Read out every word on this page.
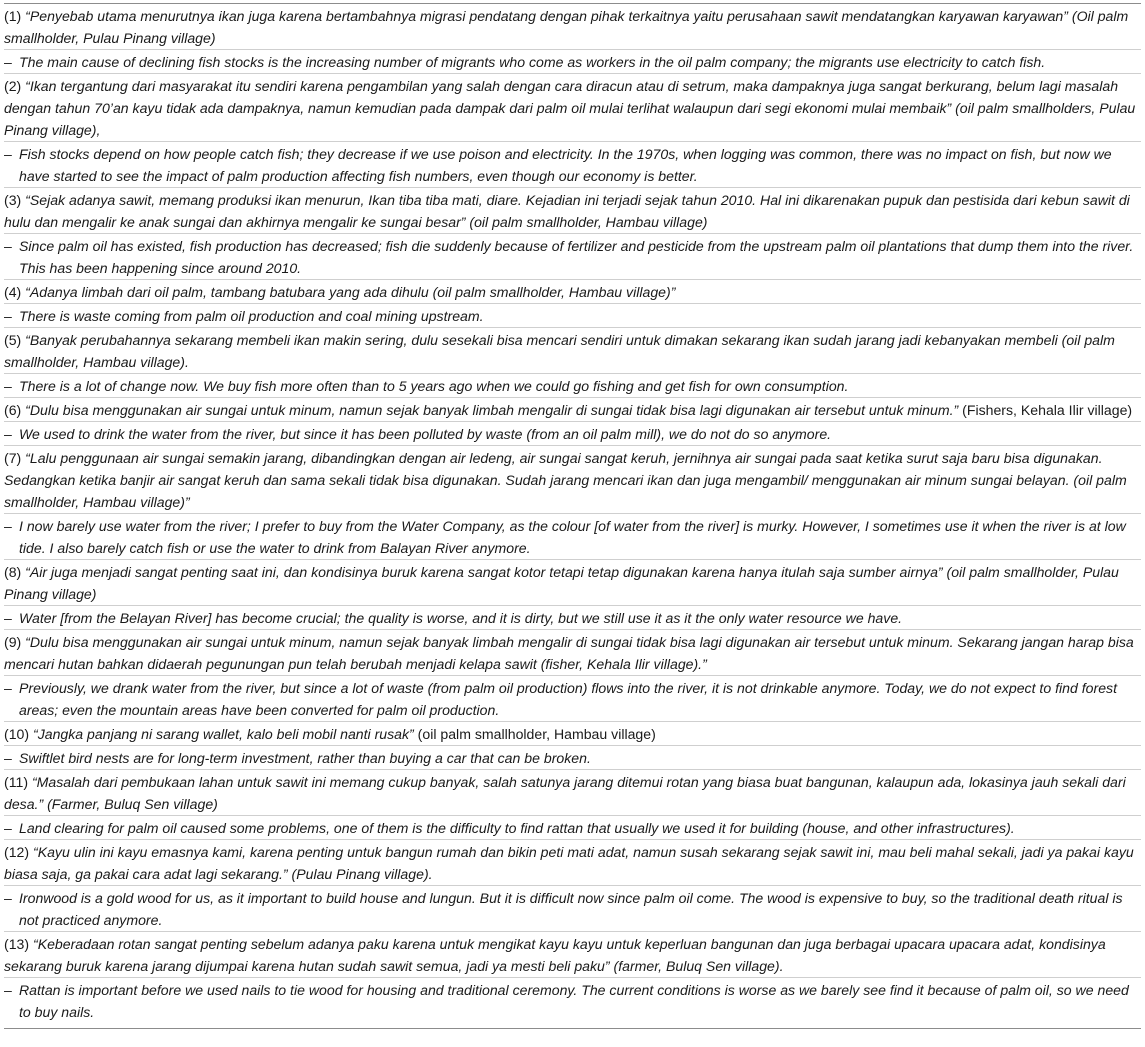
(1) “Penyebab utama menurutnya ikan juga karena bertambahnya migrasi pendatang dengan pihak terkaitnya yaitu perusahaan sawit mendatangkan karyawan karyawan” (Oil palm smallholder, Pulau Pinang village)
– The main cause of declining fish stocks is the increasing number of migrants who come as workers in the oil palm company; the migrants use electricity to catch fish.
(2) “Ikan tergantung dari masyarakat itu sendiri karena pengambilan yang salah dengan cara diracun atau di setrum, maka dampaknya juga sangat berkurang, belum lagi masalah dengan tahun 70’an kayu tidak ada dampaknya, namun kemudian pada dampak dari palm oil mulai terlihat walaupun dari segi ekonomi mulai membaik” (oil palm smallholders, Pulau Pinang village),
– Fish stocks depend on how people catch fish; they decrease if we use poison and electricity. In the 1970s, when logging was common, there was no impact on fish, but now we have started to see the impact of palm production affecting fish numbers, even though our economy is better.
(3) “Sejak adanya sawit, memang produksi ikan menurun, Ikan tiba tiba mati, diare. Kejadian ini terjadi sejak tahun 2010. Hal ini dikarenakan pupuk dan pestisida dari kebun sawit di hulu dan mengalir ke anak sungai dan akhirnya mengalir ke sungai besar” (oil palm smallholder, Hambau village)
– Since palm oil has existed, fish production has decreased; fish die suddenly because of fertilizer and pesticide from the upstream palm oil plantations that dump them into the river. This has been happening since around 2010.
(4) “Adanya limbah dari oil palm, tambang batubara yang ada dihulu (oil palm smallholder, Hambau village)”
– There is waste coming from palm oil production and coal mining upstream.
(5) “Banyak perubahannya sekarang membeli ikan makin sering, dulu sesekali bisa mencari sendiri untuk dimakan sekarang ikan sudah jarang jadi kebanyakan membeli (oil palm smallholder, Hambau village).
– There is a lot of change now. We buy fish more often than to 5 years ago when we could go fishing and get fish for own consumption.
(6) “Dulu bisa menggunakan air sungai untuk minum, namun sejak banyak limbah mengalir di sungai tidak bisa lagi digunakan air tersebut untuk minum.” (Fishers, Kehala Ilir village)
– We used to drink the water from the river, but since it has been polluted by waste (from an oil palm mill), we do not do so anymore.
(7) “Lalu penggunaan air sungai semakin jarang, dibandingkan dengan air ledeng, air sungai sangat keruh, jernihnya air sungai pada saat ketika surut saja baru bisa digunakan. Sedangkan ketika banjir air sangat keruh dan sama sekali tidak bisa digunakan. Sudah jarang mencari ikan dan juga mengambil/ menggunakan air minum sungai belayan. (oil palm smallholder, Hambau village)”
– I now barely use water from the river; I prefer to buy from the Water Company, as the colour [of water from the river] is murky. However, I sometimes use it when the river is at low tide. I also barely catch fish or use the water to drink from Balayan River anymore.
(8) “Air juga menjadi sangat penting saat ini, dan kondisinya buruk karena sangat kotor tetapi tetap digunakan karena hanya itulah saja sumber airnya” (oil palm smallholder, Pulau Pinang village)
– Water [from the Belayan River] has become crucial; the quality is worse, and it is dirty, but we still use it as it the only water resource we have.
(9) “Dulu bisa menggunakan air sungai untuk minum, namun sejak banyak limbah mengalir di sungai tidak bisa lagi digunakan air tersebut untuk minum. Sekarang jangan harap bisa mencari hutan bahkan didaerah pegunungan pun telah berubah menjadi kelapa sawit (fisher, Kehala Ilir village).”
– Previously, we drank water from the river, but since a lot of waste (from palm oil production) flows into the river, it is not drinkable anymore. Today, we do not expect to find forest areas; even the mountain areas have been converted for palm oil production.
(10) “Jangka panjang ni sarang wallet, kalo beli mobil nanti rusak” (oil palm smallholder, Hambau village)
– Swiftlet bird nests are for long-term investment, rather than buying a car that can be broken.
(11) “Masalah dari pembukaan lahan untuk sawit ini memang cukup banyak, salah satunya jarang ditemui rotan yang biasa buat bangunan, kalaupun ada, lokasinya jauh sekali dari desa.” (Farmer, Buluq Sen village)
– Land clearing for palm oil caused some problems, one of them is the difficulty to find rattan that usually we used it for building (house, and other infrastructures).
(12) “Kayu ulin ini kayu emasnya kami, karena penting untuk bangun rumah dan bikin peti mati adat, namun susah sekarang sejak sawit ini, mau beli mahal sekali, jadi ya pakai kayu biasa saja, ga pakai cara adat lagi sekarang.” (Pulau Pinang village).
– Ironwood is a gold wood for us, as it important to build house and lungun. But it is difficult now since palm oil come. The wood is expensive to buy, so the traditional death ritual is not practiced anymore.
(13) “Keberadaan rotan sangat penting sebelum adanya paku karena untuk mengikat kayu kayu untuk keperluan bangunan dan juga berbagai upacara upacara adat, kondisinya sekarang buruk karena jarang dijumpai karena hutan sudah sawit semua, jadi ya mesti beli paku” (farmer, Buluq Sen village).
– Rattan is important before we used nails to tie wood for housing and traditional ceremony. The current conditions is worse as we barely see find it because of palm oil, so we need to buy nails.
